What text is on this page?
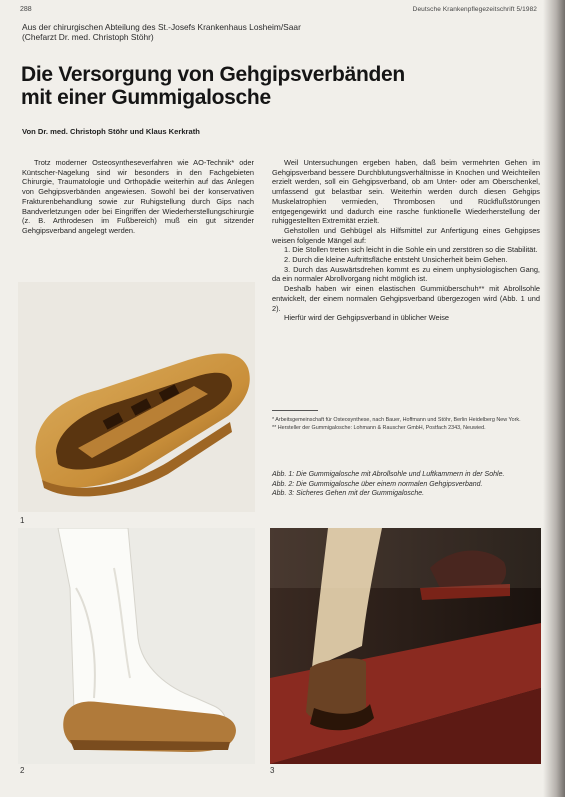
288	Deutsche Krankenpflegezeitschrift 5/1982
Aus der chirurgischen Abteilung des St.-Josefs Krankenhaus Losheim/Saar
(Chefarzt Dr. med. Christoph Stöhr)
Die Versorgung von Gehgipsverbänden
mit einer Gummigalosche
Von Dr. med. Christoph Stöhr und Klaus Kerkrath

Trotz moderner Osteosyntheseverfahren wie AO-Technik* oder Küntscher-Nagelung sind wir besonders in den Fachgebieten Chirurgie, Traumatologie und Orthopädie weiterhin auf das Anlegen von Gehgipsverbänden angewiesen. Sowohl bei der konservativen Frakturenbehandlung sowie zur Ruhigstellung durch Gips nach Bandverletzungen oder bei Eingriffen der Wiederherstellungschirurgie (z. B. Arthrodesen im Fußbereich) muß ein gut sitzender Gehgipsverband angelegt werden.

Weil Untersuchungen ergeben haben, daß beim vermehrten Gehen im Gehgipsverband bessere Durchblutungsverhältnisse in Knochen und Weichteilen erzielt werden, soll ein Gehgipsverband, ob am Unter- oder am Oberschenkel, umfassend gut belastbar sein. Weiterhin werden durch diesen Gehgips Muskelatrophien vermieden, Thrombosen und Rückflußstörungen entgegengewirkt und dadurch eine rasche funktionelle Wiederherstellung der ruhiggestellten Extremität erzielt.

Gehstollen und Gehbügel als Hilfsmittel zur Anfertigung eines Gehgipses weisen folgende Mängel auf:

1. Die Stollen treten sich leicht in die Sohle ein und zerstören so die Stabilität.

2. Durch die kleine Auftrittsfläche entsteht Unsicherheit beim Gehen.

3. Durch das Auswärtsdrehen kommt es zu einem unphysiologischen Gang, da ein normaler Abrollvorgang nicht möglich ist.

Deshalb haben wir einen elastischen Gummiüberschuh** mit Abrollsohle entwickelt, der einem normalen Gehgipsverband übergezogen wird (Abb. 1 und 2).

Hierfür wird der Gehgipsverband in üblicher Weise

* Arbeitsgemeinschaft für Osteosynthese, nach Bauer, Hoffmann und Stöhr, Berlin Heidelberg New York.

** Hersteller der Gummigalosche: Lohmann & Rauscher GmbH, Postfach 2343, Neuwied.

Abb. 1: Die Gummigalosche mit Abrollsohle und Luftkammern in der Sohle.

Abb. 2: Die Gummigalosche über einem normalen Gehgipsverband.

Abb. 3: Sicheres Gehen mit der Gummigalosche.

1
2	3
